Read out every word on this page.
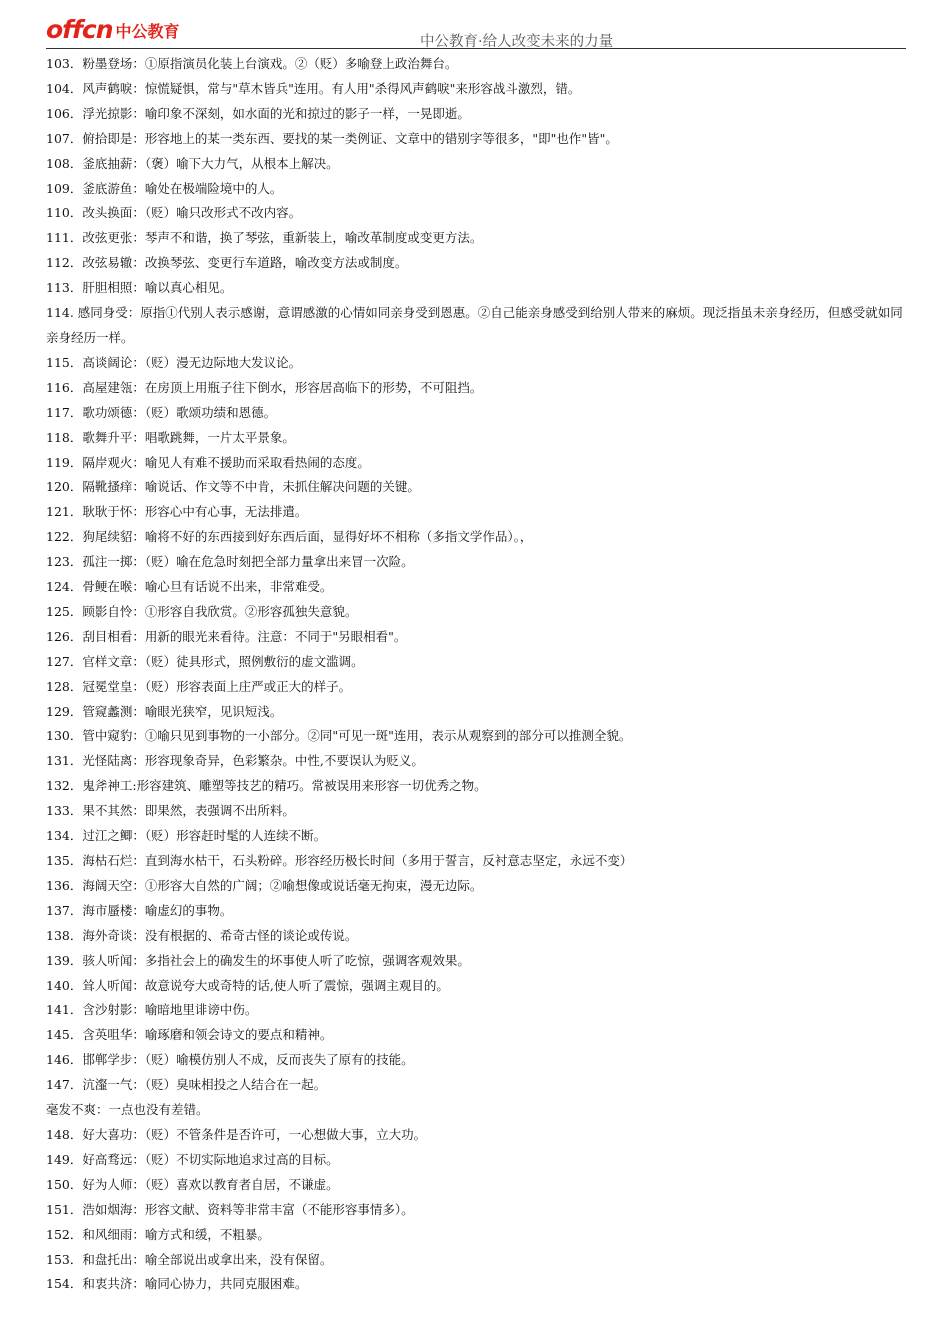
offcn 中公教育
中公教育·给人改变未来的力量
103．粉墨登场：①原指演员化装上台演戏。②（贬）多喻登上政治舞台。
104．风声鹤唳：惊慌疑惧，常与"草木皆兵"连用。有人用"杀得风声鹤唳"来形容战斗激烈，错。
106．浮光掠影：喻印象不深刻，如水面的光和掠过的影子一样，一晃即逝。
107．俯拾即是：形容地上的某一类东西、要找的某一类例证、文章中的错别字等很多，"即"也作"皆"。
108．釜底抽薪：（褒）喻下大力气，从根本上解决。
109．釜底游鱼：喻处在极端险境中的人。
110．改头换面：（贬）喻只改形式不改内容。
111．改弦更张：琴声不和谐，换了琴弦，重新装上，喻改革制度或变更方法。
112．改弦易辙：改换琴弦、变更行车道路，喻改变方法或制度。
113．肝胆相照：喻以真心相见。
114. 感同身受：原指①代别人表示感谢，意谓感激的心情如同亲身受到恩惠。②自己能亲身感受到给别人带来的麻烦。现泛指虽未亲身经历，但感受就如同亲身经历一样。
115．高谈阔论：（贬）漫无边际地大发议论。
116．高屋建瓴：在房顶上用瓶子往下倒水，形容居高临下的形势，不可阻挡。
117．歌功颂德：（贬）歌颂功绩和恩德。
118．歌舞升平：唱歌跳舞，一片太平景象。
119．隔岸观火：喻见人有难不援助而采取看热闹的态度。
120．隔靴搔痒：喻说话、作文等不中肯，未抓住解决问题的关键。
121．耿耿于怀：形容心中有心事，无法排遣。
122．狗尾续貂：喻将不好的东西接到好东西后面，显得好坏不相称（多指文学作品）。，
123．孤注一掷：（贬）喻在危急时刻把全部力量拿出来冒一次险。
124．骨鲠在喉：喻心旦有话说不出来，非常难受。
125．顾影自怜：①形容自我欣赏。②形容孤独失意貌。
126．刮目相看：用新的眼光来看待。注意：不同于"另眼相看"。
127．官样文章：（贬）徒具形式，照例敷衍的虚文滥调。
128．冠冕堂皇：（贬）形容表面上庄严或正大的样子。
129．管窥蠡测：喻眼光狭窄，见识短浅。
130．管中窥豹：①喻只见到事物的一小部分。②同"可见一斑"连用，表示从观察到的部分可以推测全貌。
131．光怪陆离：形容现象奇异，色彩繁杂。中性,不要误认为贬义。
132．鬼斧神工:形容建筑、雕塑等技艺的精巧。常被误用来形容一切优秀之物。
133．果不其然：即果然，表强调不出所料。
134．过江之鲫：（贬）形容赶时髦的人连续不断。
135．海枯石烂：直到海水枯干，石头粉碎。形容经历极长时间（多用于誓言，反衬意志坚定，永远不变）
136．海阔天空：①形容大自然的广阔；②喻想像或说话毫无拘束，漫无边际。
137．海市蜃楼：喻虚幻的事物。
138．海外奇谈：没有根据的、希奇古怪的谈论或传说。
139．骇人听闻：多指社会上的确发生的坏事使人听了吃惊，强调客观效果。
140．耸人听闻：故意说夸大或奇特的话,使人听了震惊，强调主观目的。
141．含沙射影：喻暗地里诽谤中伤。
145．含英咀华：喻琢磨和领会诗文的要点和精神。
146．邯郸学步：（贬）喻模仿别人不成，反而丧失了原有的技能。
147．沆瀣一气：（贬）臭味相投之人结合在一起。
毫发不爽：一点也没有差错。
148．好大喜功：（贬）不管条件是否许可，一心想做大事，立大功。
149．好高骛远：（贬）不切实际地追求过高的目标。
150．好为人师：（贬）喜欢以教育者自居，不谦虚。
151．浩如烟海：形容文献、资料等非常丰富（不能形容事情多）。
152．和风细雨：喻方式和缓，不粗暴。
153．和盘托出：喻全部说出或拿出来，没有保留。
154．和衷共济：喻同心协力，共同克服困难。
